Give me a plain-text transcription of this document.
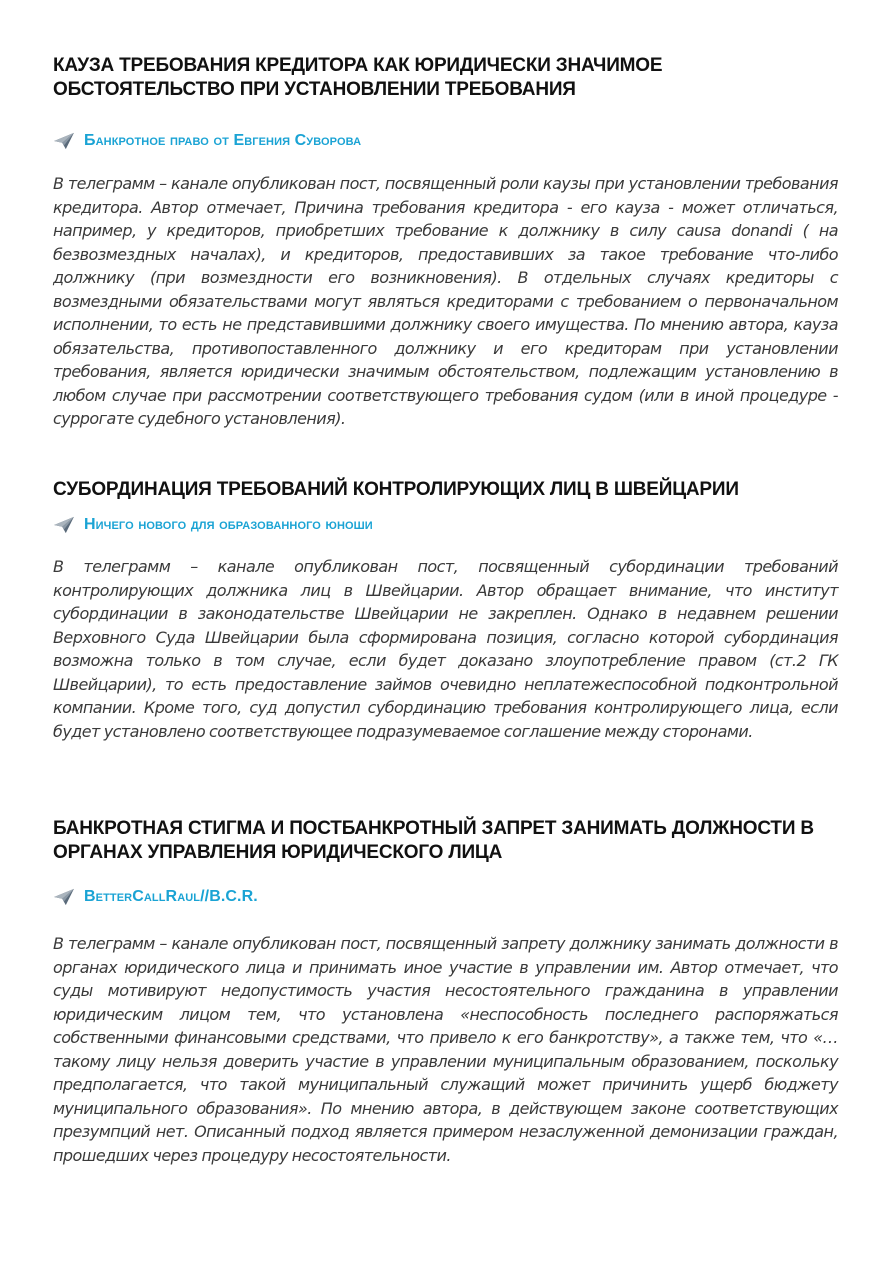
КАУЗА ТРЕБОВАНИЯ КРЕДИТОРА КАК ЮРИДИЧЕСКИ ЗНАЧИМОЕ ОБСТОЯТЕЛЬСТВО ПРИ УСТАНОВЛЕНИИ ТРЕБОВАНИЯ
Банкротное право от Евгения Суворова

В телеграмм – канале опубликован пост, посвященный роли каузы при установлении требования кредитора. Автор отмечает, Причина требования кредитора - его кауза - может отличаться, например, у кредиторов, приобретших требование к должнику в силу causa donandi ( на безвозмездных началах), и кредиторов, предоставивших за такое требование что-либо должнику (при возмездности его возникновения). В отдельных случаях кредиторы с возмездными обязательствами могут являться кредиторами с требованием о первоначальном исполнении, то есть не представившими должнику своего имущества. По мнению автора, кауза обязательства, противопоставленного должнику и его кредиторам при установлении требования, является юридически значимым обстоятельством, подлежащим установлению в любом случае при рассмотрении соответствующего требования судом (или в иной процедуре - суррогате судебного установления).

СУБОРДИНАЦИЯ ТРЕБОВАНИЙ КОНТРОЛИРУЮЩИХ ЛИЦ В ШВЕЙЦАРИИ
Ничего нового для образованного юноши

В телеграмм – канале опубликован пост, посвященный субординации требований контролирующих должника лиц в Швейцарии. Автор обращает внимание, что институт субординации в законодательстве Швейцарии не закреплен. Однако в недавнем решении Верховного Суда Швейцарии была сформирована позиция, согласно которой субординация возможна только в том случае, если будет доказано злоупотребление правом (ст.2 ГК Швейцарии), то есть предоставление займов очевидно неплатежеспособной подконтрольной компании. Кроме того, суд допустил субординацию требования контролирующего лица, если будет установлено соответствующее подразумеваемое соглашение между сторонами.

БАНКРОТНАЯ СТИГМА И ПОСТБАНКРОТНЫЙ ЗАПРЕТ ЗАНИМАТЬ ДОЛЖНОСТИ В ОРГАНАХ УПРАВЛЕНИЯ ЮРИДИЧЕСКОГО ЛИЦА
BetterCallRaul//B.C.R.

В телеграмм – канале опубликован пост, посвященный запрету должнику занимать должности в органах юридического лица и принимать иное участие в управлении им. Автор отмечает, что суды мотивируют недопустимость участия несостоятельного гражданина в управлении юридическим лицом тем, что установлена «неспособность последнего распоряжаться собственными финансовыми средствами, что привело к его банкротству», а также тем, что «…такому лицу нельзя доверить участие в управлении муниципальным образованием, поскольку предполагается, что такой муниципальный служащий может причинить ущерб бюджету муниципального образования». По мнению автора, в действующем законе соответствующих презумпций нет. Описанный подход является примером незаслуженной демонизации граждан, прошедших через процедуру несостоятельности.
